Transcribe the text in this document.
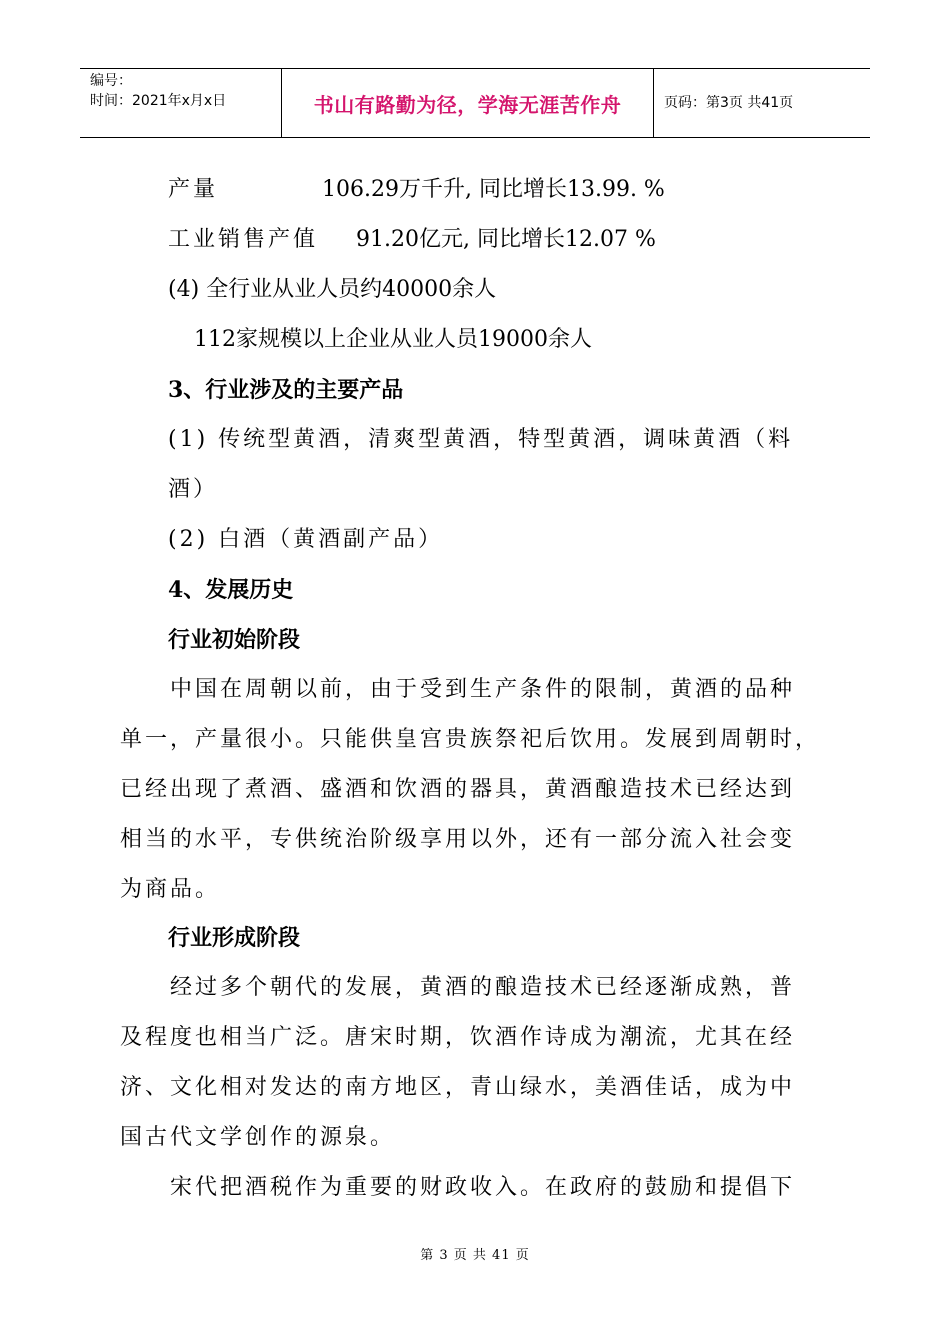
编号：
时间：2021年x月x日	书山有路勤为径，学海无涯苦作舟	页码：第3页 共41页
产量	106.29万千升, 同比增长13.99. %
工业销售产值 91.20亿元, 同比增长12.07 %
(4) 全行业从业人员约40000余人
112家规模以上企业从业人员19000余人
3、行业涉及的主要产品
(1) 传统型黄酒，清爽型黄酒，特型黄酒，调味黄酒（料
酒）
(2) 白酒（黄酒副产品）
4、发展历史
行业初始阶段
中国在周朝以前，由于受到生产条件的限制，黄酒的品种
单一，产量很小。只能供皇宫贵族祭祀后饮用。发展到周朝时，
已经出现了煮酒、盛酒和饮酒的器具，黄酒酿造技术已经达到
相当的水平，专供统治阶级享用以外，还有一部分流入社会变
为商品。
行业形成阶段
经过多个朝代的发展，黄酒的酿造技术已经逐渐成熟，普
及程度也相当广泛。唐宋时期，饮酒作诗成为潮流，尤其在经
济、文化相对发达的南方地区，青山绿水，美酒佳话，成为中
国古代文学创作的源泉。
宋代把酒税作为重要的财政收入。在政府的鼓励和提倡下
第 3 页 共 41 页
